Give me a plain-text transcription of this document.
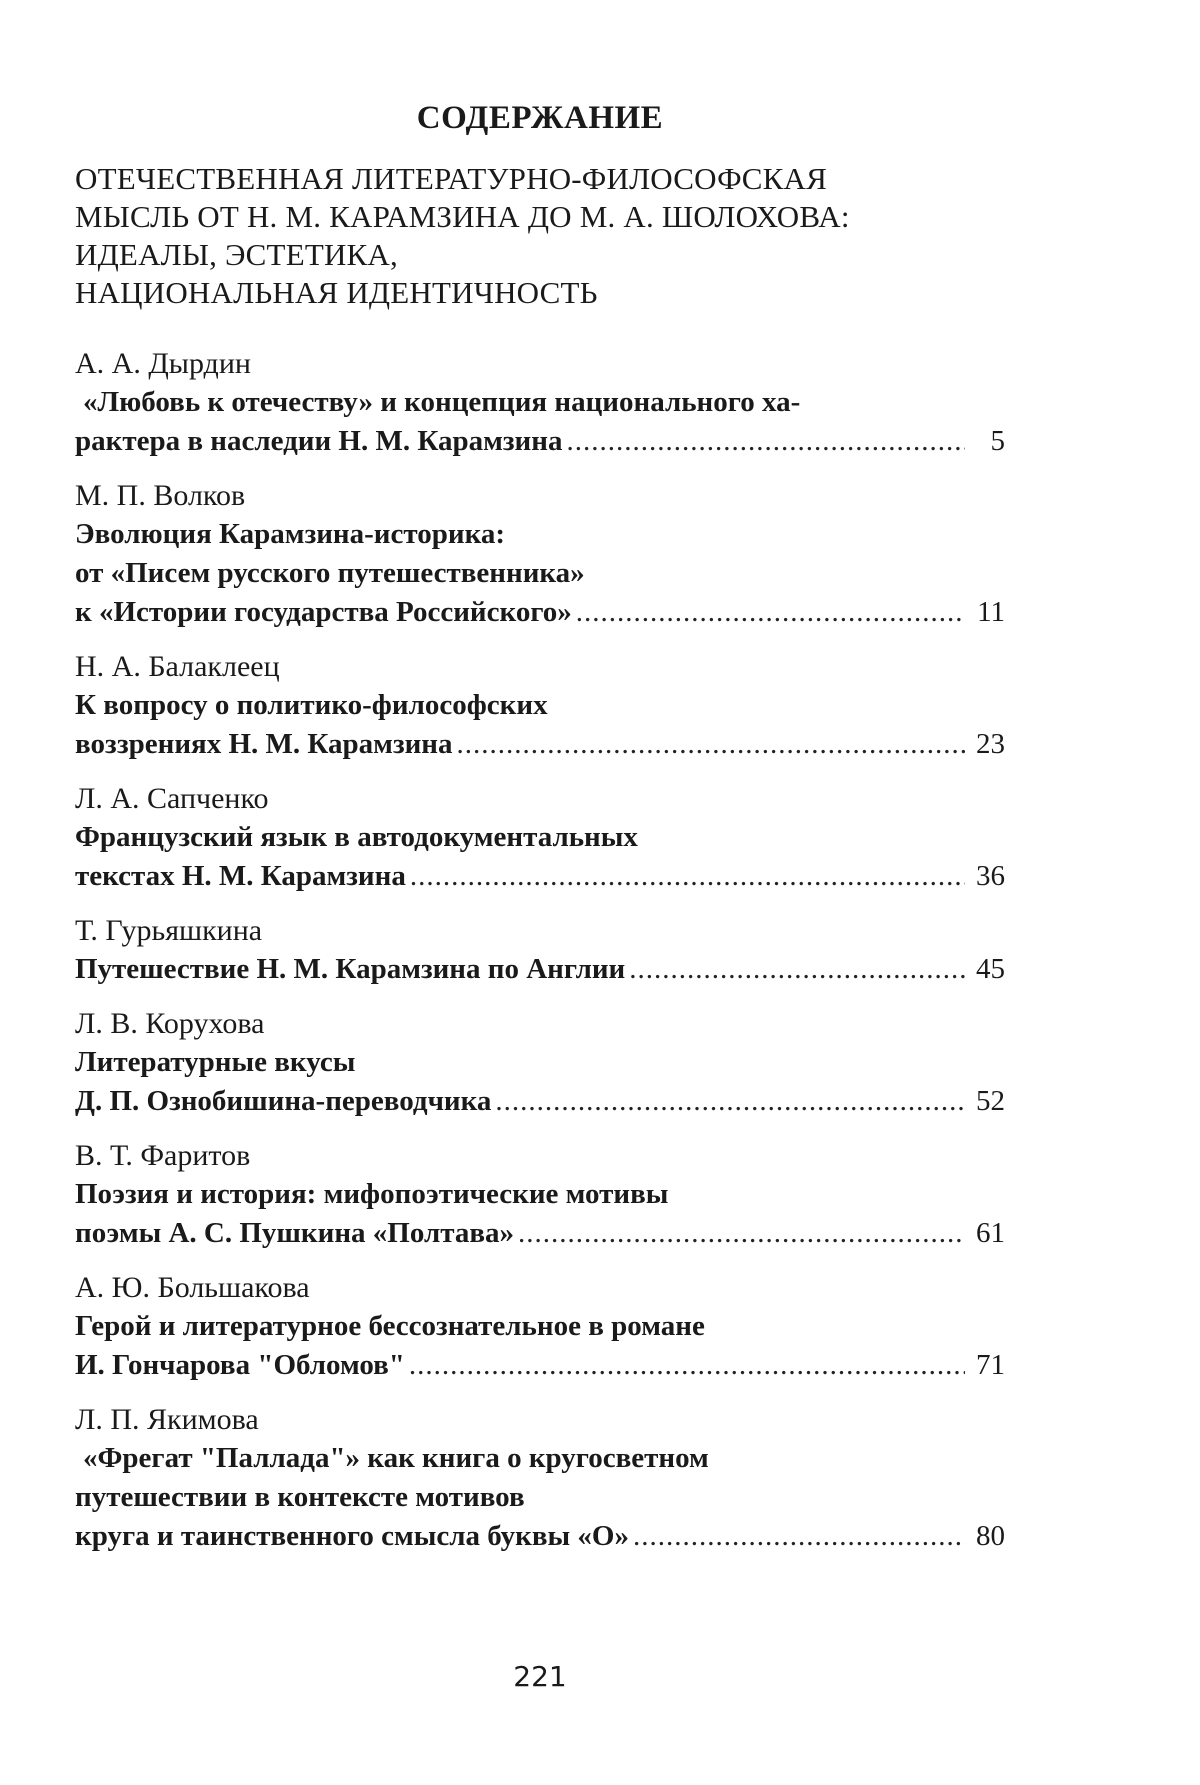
СОДЕРЖАНИЕ
ОТЕЧЕСТВЕННАЯ ЛИТЕРАТУРНО-ФИЛОСОФСКАЯ
МЫСЛЬ ОТ Н. М. КАРАМЗИНА ДО М. А. ШОЛОХОВА:
ИДЕАЛЫ, ЭСТЕТИКА,
НАЦИОНАЛЬНАЯ ИДЕНТИЧНОСТЬ
А. А. Дырдин
«Любовь к отечеству» и концепция национального ха-
рактера в наследии Н. М. Карамзина .....	5
М. П. Волков
Эволюция Карамзина-историка:
от «Писем русского путешественника»
к «Истории государства Российского» .....	11
Н. А. Балаклеец
К вопросу о политико-философских
воззрениях Н. М. Карамзина .....	23
Л. А. Сапченко
Французский язык в автодокументальных
текстах Н. М. Карамзина .....	36
Т. Гурьяшкина
Путешествие Н. М. Карамзина по Англии .....	45
Л. В. Корухова
Литературные вкусы
Д. П. Ознобишина-переводчика .....	52
В. Т. Фаритов
Поэзия и история: мифопоэтические мотивы
поэмы А. С. Пушкина «Полтава» .....	61
А. Ю. Большакова
Герой и литературное бессознательное в романе
И. Гончарова "Обломов" .....	71
Л. П. Якимова
«Фрегат "Паллада"» как книга о кругосветном
путешествии в контексте мотивов
круга и таинственного смысла буквы «О» .....	80
221
